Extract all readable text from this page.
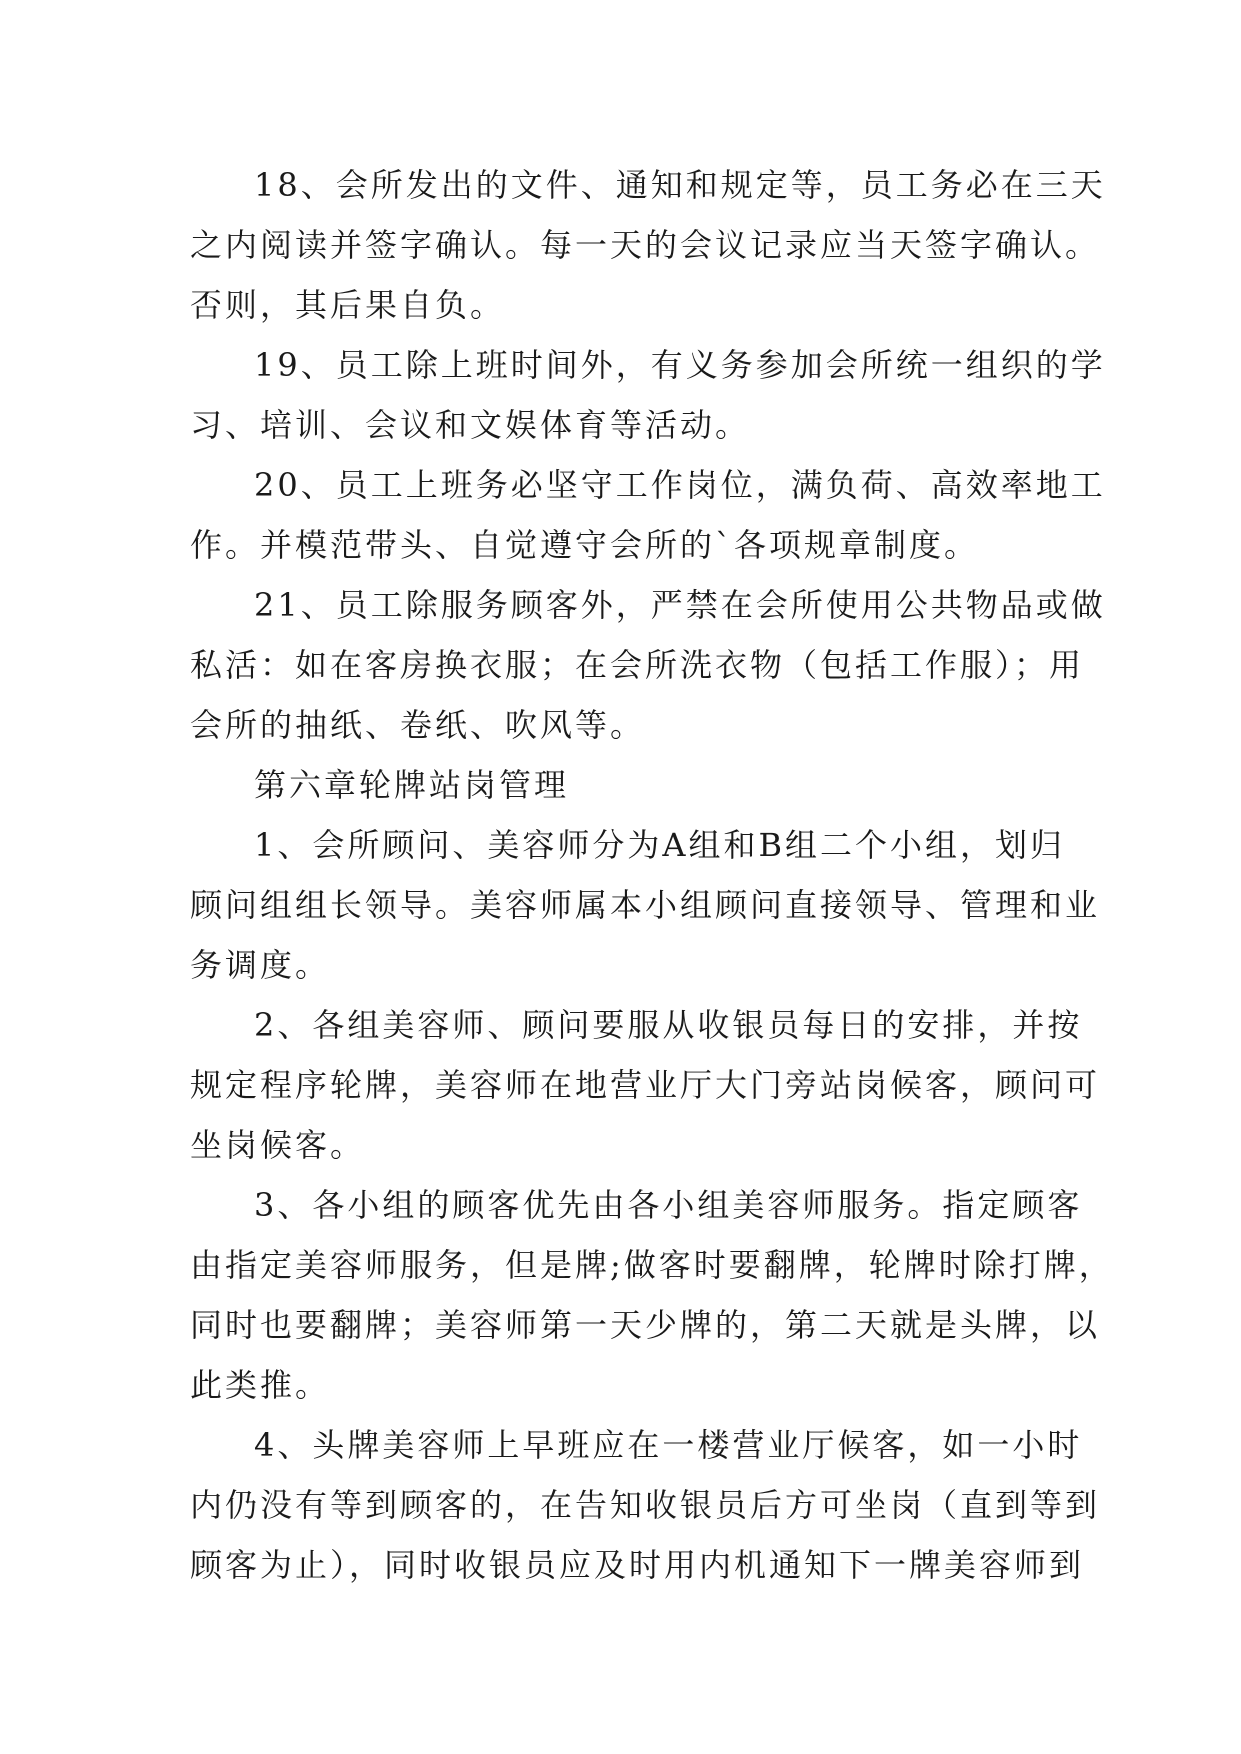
18、会所发出的文件、通知和规定等，员工务必在三天
之内阅读并签字确认。每一天的会议记录应当天签字确认。
否则，其后果自负。
19、员工除上班时间外，有义务参加会所统一组织的学
习、培训、会议和文娱体育等活动。
20、员工上班务必坚守工作岗位，满负荷、高效率地工
作。并模范带头、自觉遵守会所的`各项规章制度。
21、员工除服务顾客外，严禁在会所使用公共物品或做
私活：如在客房换衣服；在会所洗衣物（包括工作服）；用
会所的抽纸、卷纸、吹风等。
第六章轮牌站岗管理
1、会所顾问、美容师分为A组和B组二个小组，划归
顾问组组长领导。美容师属本小组顾问直接领导、管理和业
务调度。
2、各组美容师、顾问要服从收银员每日的安排，并按
规定程序轮牌，美容师在地营业厅大门旁站岗候客，顾问可
坐岗候客。
3、各小组的顾客优先由各小组美容师服务。指定顾客
由指定美容师服务，但是牌;做客时要翻牌，轮牌时除打牌，
同时也要翻牌；美容师第一天少牌的，第二天就是头牌，以
此类推。
4、头牌美容师上早班应在一楼营业厅候客，如一小时
内仍没有等到顾客的，在告知收银员后方可坐岗（直到等到
顾客为止），同时收银员应及时用内机通知下一牌美容师到
